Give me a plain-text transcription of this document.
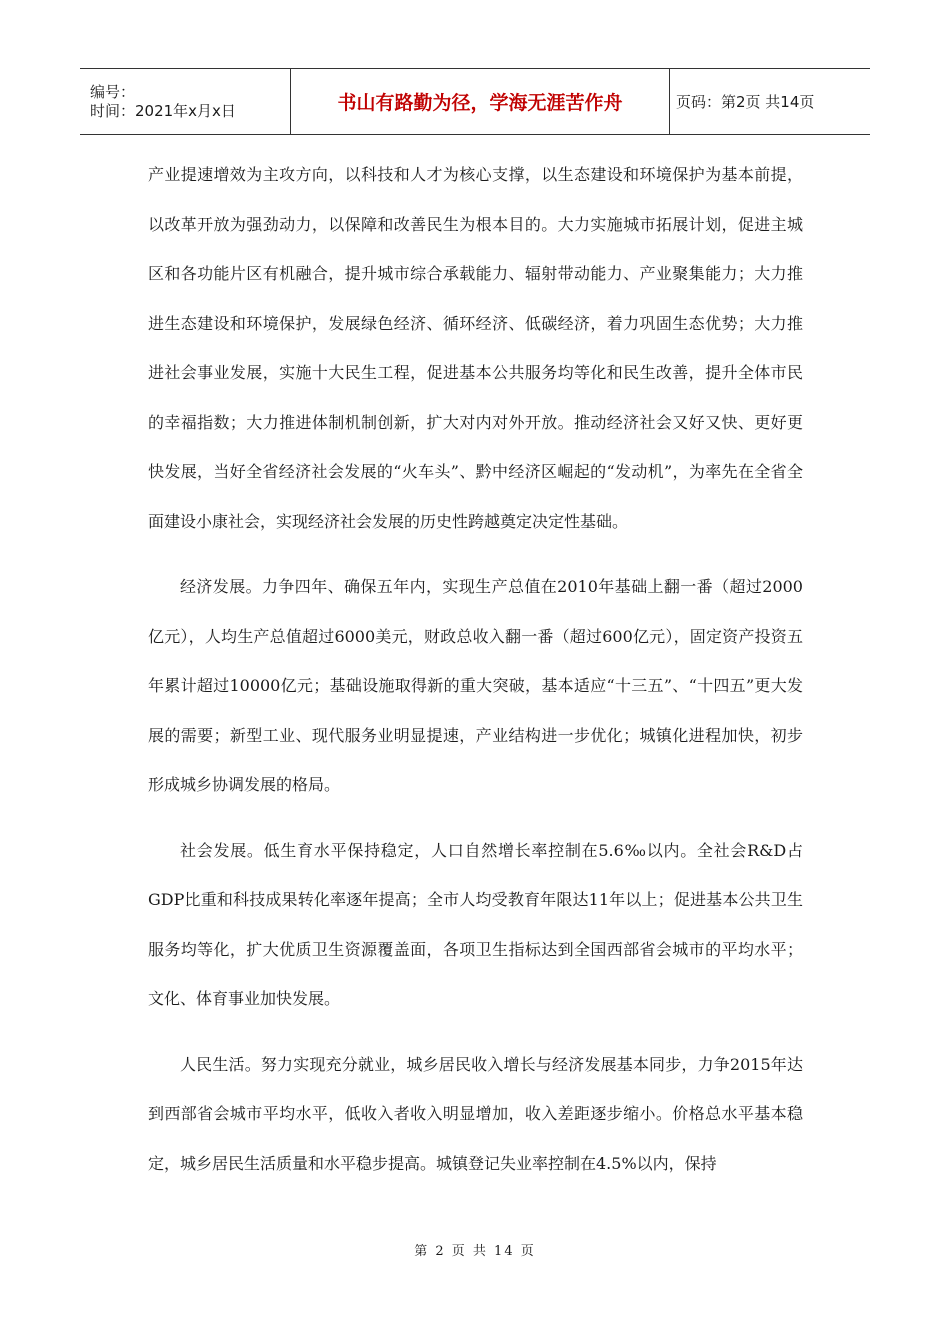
编号：
时间：2021年x月x日	书山有路勤为径，学海无涯苦作舟	页码：第2页 共14页

产业提速增效为主攻方向，以科技和人才为核心支撑，以生态建设和环境保护为基本前提，以改革开放为强劲动力，以保障和改善民生为根本目的。大力实施城市拓展计划，促进主城区和各功能片区有机融合，提升城市综合承载能力、辐射带动能力、产业聚集能力；大力推进生态建设和环境保护，发展绿色经济、循环经济、低碳经济，着力巩固生态优势；大力推进社会事业发展，实施十大民生工程，促进基本公共服务均等化和民生改善，提升全体市民的幸福指数；大力推进体制机制创新，扩大对内对外开放。推动经济社会又好又快、更好更快发展，当好全省经济社会发展的“火车头”、黔中经济区崛起的“发动机”，为率先在全省全面建设小康社会，实现经济社会发展的历史性跨越奠定决定性基础。

经济发展。力争四年、确保五年内，实现生产总值在2010年基础上翻一番（超过2000亿元），人均生产总值超过6000美元，财政总收入翻一番（超过600亿元），固定资产投资五年累计超过10000亿元；基础设施取得新的重大突破，基本适应“十三五”、“十四五”更大发展的需要；新型工业、现代服务业明显提速，产业结构进一步优化；城镇化进程加快，初步形成城乡协调发展的格局。

社会发展。低生育水平保持稳定，人口自然增长率控制在5.6‰以内。全社会R&D占GDP比重和科技成果转化率逐年提高；全市人均受教育年限达11年以上；促进基本公共卫生服务均等化，扩大优质卫生资源覆盖面，各项卫生指标达到全国西部省会城市的平均水平；文化、体育事业加快发展。

人民生活。努力实现充分就业，城乡居民收入增长与经济发展基本同步，力争2015年达到西部省会城市平均水平，低收入者收入明显增加，收入差距逐步缩小。价格总水平基本稳定，城乡居民生活质量和水平稳步提高。城镇登记失业率控制在4.5%以内，保持

第 2 页 共 14 页
